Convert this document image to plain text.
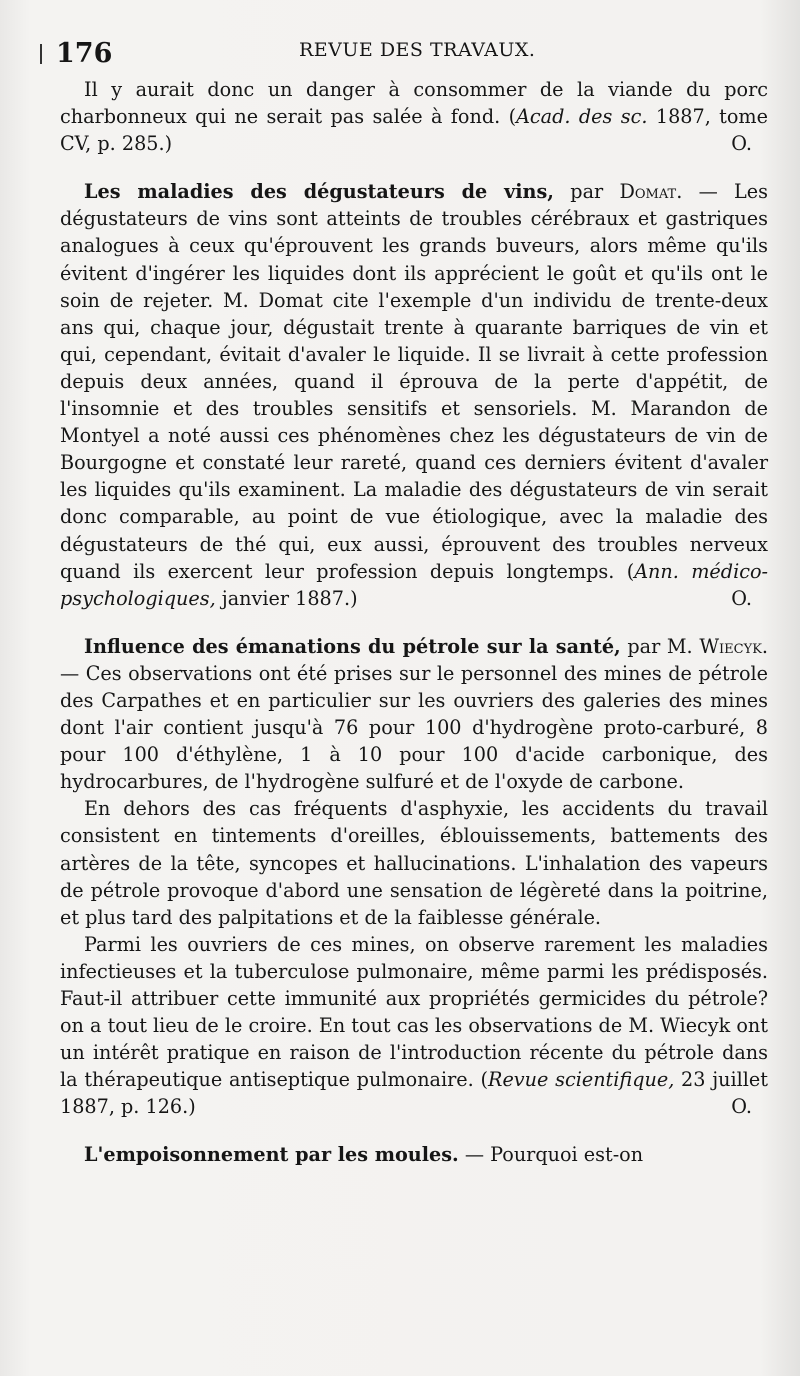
176	REVUE DES TRAVAUX.

Il y aurait donc un danger à consommer de la viande du porc charbonneux qui ne serait pas salée à fond. (Acad. des sc. 1887, tome CV, p. 285.)	O.

Les maladies des dégustateurs de vins, par Domat. — Les dégustateurs de vins sont atteints de troubles cérébraux et gastriques analogues à ceux qu'éprouvent les grands buveurs, alors même qu'ils évitent d'ingérer les liquides dont ils apprécient le goût et qu'ils ont le soin de rejeter. M. Domat cite l'exemple d'un individu de trente-deux ans qui, chaque jour, dégustait trente à quarante barriques de vin et qui, cependant, évitait d'avaler le liquide. Il se livrait à cette profession depuis deux années, quand il éprouva de la perte d'appétit, de l'insomnie et des troubles sensitifs et sensoriels. M. Marandon de Montyel a noté aussi ces phénomènes chez les dégustateurs de vin de Bourgogne et constaté leur rareté, quand ces derniers évitent d'avaler les liquides qu'ils examinent. La maladie des dégustateurs de vin serait donc comparable, au point de vue étiologique, avec la maladie des dégustateurs de thé qui, eux aussi, éprouvent des troubles nerveux quand ils exercent leur profession depuis longtemps. (Ann. médico-psychologiques, janvier 1887.)	O.

Influence des émanations du pétrole sur la santé, par M. Wiecyk. — Ces observations ont été prises sur le personnel des mines de pétrole des Carpathes et en particulier sur les ouvriers des galeries des mines dont l'air contient jusqu'à 76 pour 100 d'hydrogène proto-carburé, 8 pour 100 d'éthylène, 1 à 10 pour 100 d'acide carbonique, des hydrocarbures, de l'hydrogène sulfuré et de l'oxyde de carbone.

En dehors des cas fréquents d'asphyxie, les accidents du travail consistent en tintements d'oreilles, éblouissements, battements des artères de la tête, syncopes et hallucinations. L'inhalation des vapeurs de pétrole provoque d'abord une sensation de légèreté dans la poitrine, et plus tard des palpitations et de la faiblesse générale.

Parmi les ouvriers de ces mines, on observe rarement les maladies infectieuses et la tuberculose pulmonaire, même parmi les prédisposés. Faut-il attribuer cette immunité aux propriétés germicides du pétrole? on a tout lieu de le croire. En tout cas les observations de M. Wiecyk ont un intérêt pratique en raison de l'introduction récente du pétrole dans la thérapeutique antiseptique pulmonaire. (Revue scientifique, 23 juillet 1887, p. 126.)	O.

L'empoisonnement par les moules. — Pourquoi est-on
